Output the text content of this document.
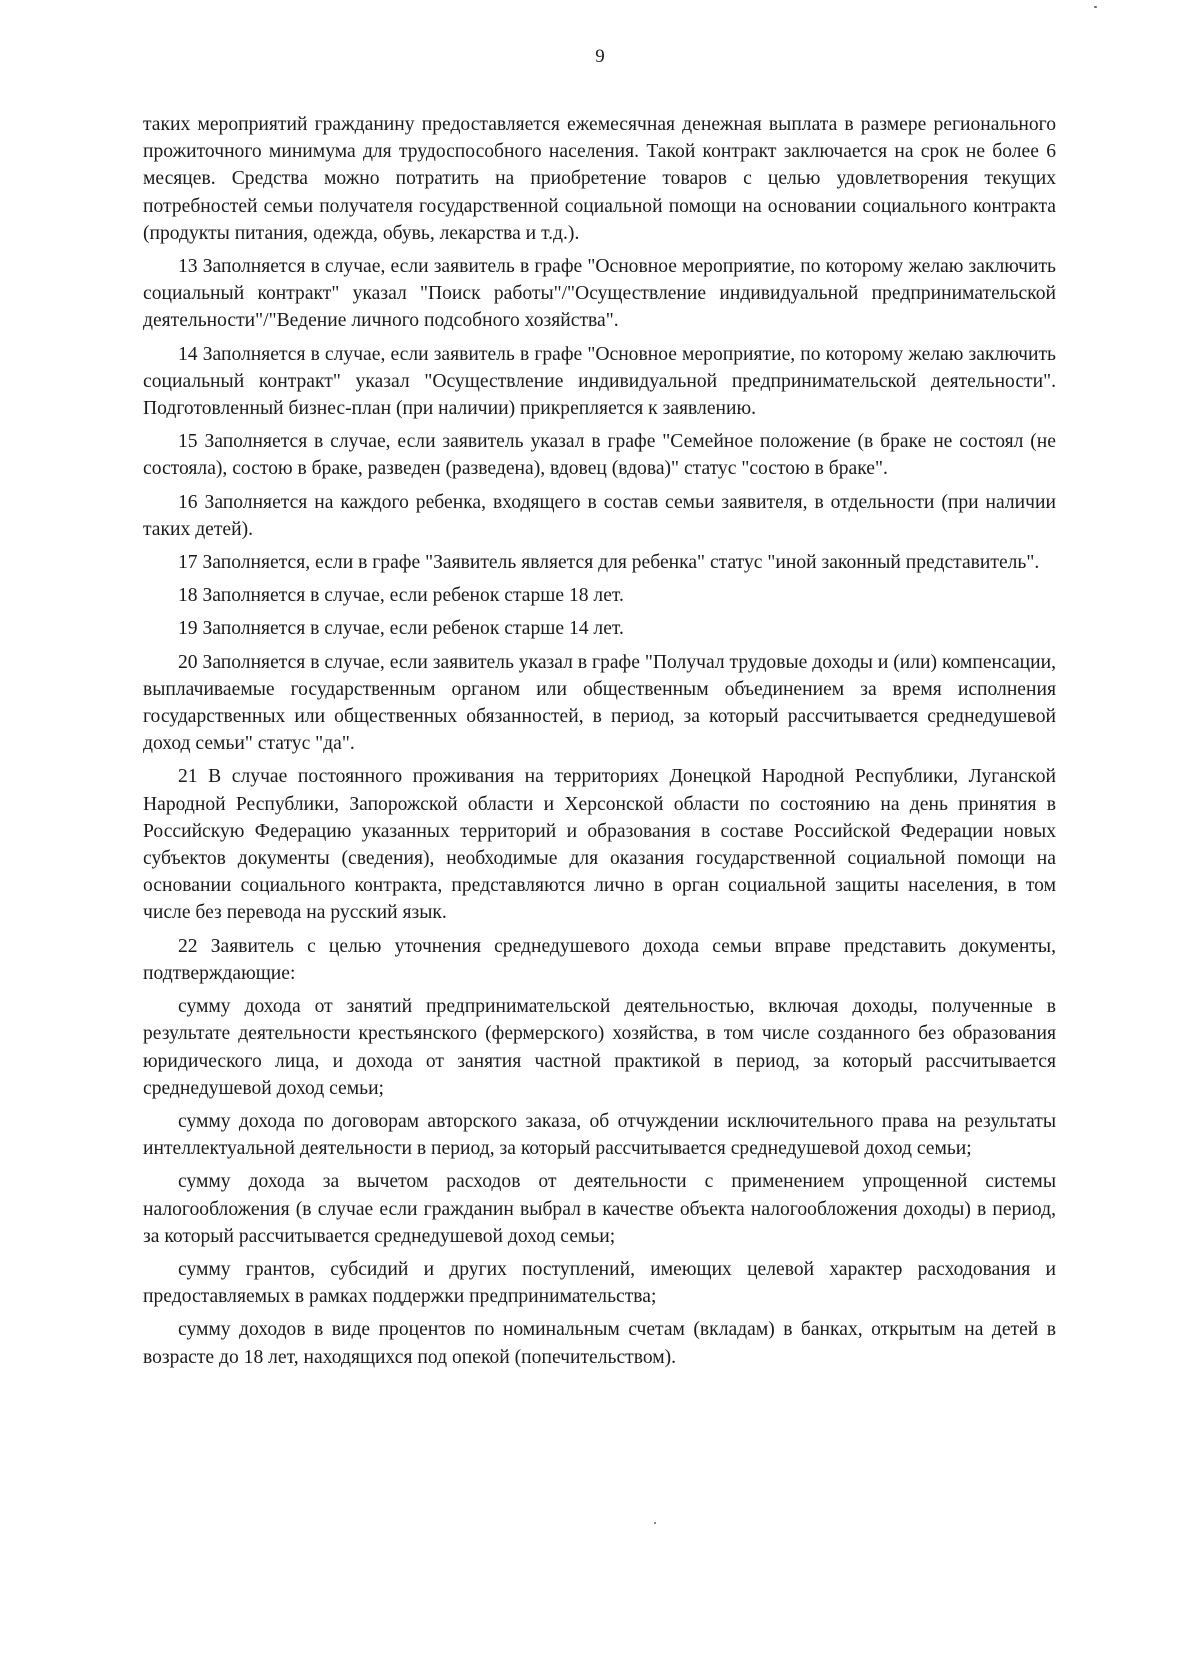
9

таких мероприятий гражданину предоставляется ежемесячная денежная выплата в размере регионального прожиточного минимума для трудоспособного населения. Такой контракт заключается на срок не более 6 месяцев. Средства можно потратить на приобретение товаров с целью удовлетворения текущих потребностей семьи получателя государственной социальной помощи на основании социального контракта (продукты питания, одежда, обувь, лекарства и т.д.).

13 Заполняется в случае, если заявитель в графе "Основное мероприятие, по которому желаю заключить социальный контракт" указал "Поиск работы"/"Осуществление индивидуальной предпринимательской деятельности"/"Ведение личного подсобного хозяйства".

14 Заполняется в случае, если заявитель в графе "Основное мероприятие, по которому желаю заключить социальный контракт" указал "Осуществление индивидуальной предпринимательской деятельности". Подготовленный бизнес-план (при наличии) прикрепляется к заявлению.

15 Заполняется в случае, если заявитель указал в графе "Семейное положение (в браке не состоял (не состояла), состою в браке, разведен (разведена), вдовец (вдова)" статус "состою в браке".

16 Заполняется на каждого ребенка, входящего в состав семьи заявителя, в отдельности (при наличии таких детей).

17 Заполняется, если в графе "Заявитель является для ребенка" статус "иной законный представитель".

18 Заполняется в случае, если ребенок старше 18 лет.

19 Заполняется в случае, если ребенок старше 14 лет.

20 Заполняется в случае, если заявитель указал в графе "Получал трудовые доходы и (или) компенсации, выплачиваемые государственным органом или общественным объединением за время исполнения государственных или общественных обязанностей, в период, за который рассчитывается среднедушевой доход семьи" статус "да".

21 В случае постоянного проживания на территориях Донецкой Народной Республики, Луганской Народной Республики, Запорожской области и Херсонской области по состоянию на день принятия в Российскую Федерацию указанных территорий и образования в составе Российской Федерации новых субъектов документы (сведения), необходимые для оказания государственной социальной помощи на основании социального контракта, представляются лично в орган социальной защиты населения, в том числе без перевода на русский язык.

22 Заявитель с целью уточнения среднедушевого дохода семьи вправе представить документы, подтверждающие:

сумму дохода от занятий предпринимательской деятельностью, включая доходы, полученные в результате деятельности крестьянского (фермерского) хозяйства, в том числе созданного без образования юридического лица, и дохода от занятия частной практикой в период, за который рассчитывается среднедушевой доход семьи;

сумму дохода по договорам авторского заказа, об отчуждении исключительного права на результаты интеллектуальной деятельности в период, за который рассчитывается среднедушевой доход семьи;

сумму дохода за вычетом расходов от деятельности с применением упрощенной системы налогообложения (в случае если гражданин выбрал в качестве объекта налогообложения доходы) в период, за который рассчитывается среднедушевой доход семьи;

сумму грантов, субсидий и других поступлений, имеющих целевой характер расходования и предоставляемых в рамках поддержки предпринимательства;

сумму доходов в виде процентов по номинальным счетам (вкладам) в банках, открытым на детей в возрасте до 18 лет, находящихся под опекой (попечительством).
